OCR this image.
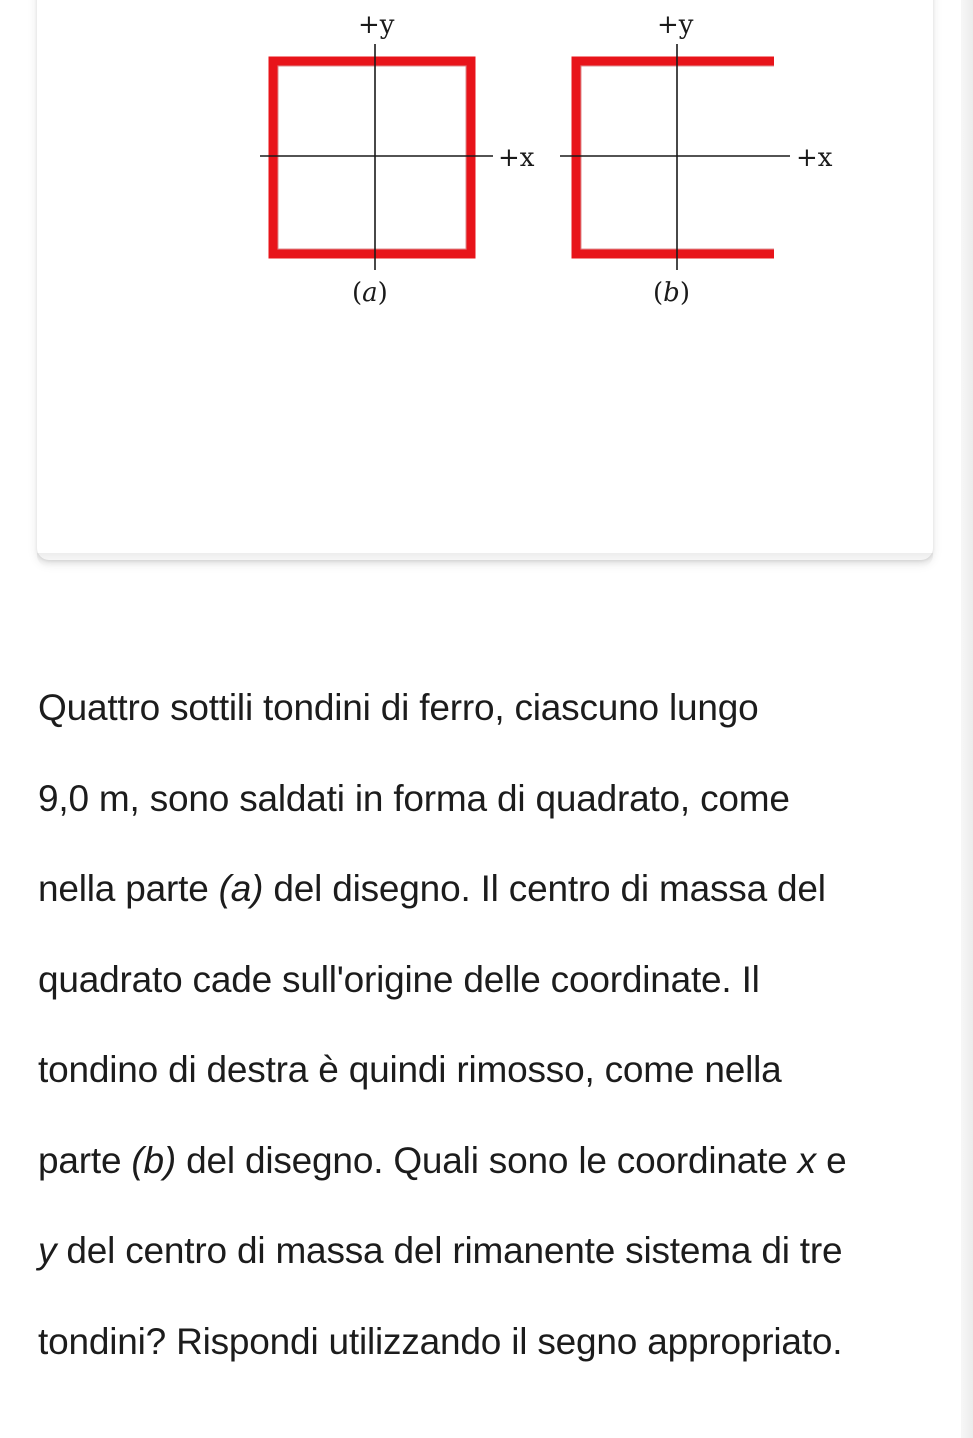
+y
+x
(a)
+y
+x
(b)

Quattro sottili tondini di ferro, ciascuno lungo
9,0 m, sono saldati in forma di quadrato, come
nella parte (a) del disegno. Il centro di massa del
quadrato cade sull'origine delle coordinate. Il
tondino di destra è quindi rimosso, come nella
parte (b) del disegno. Quali sono le coordinate x e
y del centro di massa del rimanente sistema di tre
tondini? Rispondi utilizzando il segno appropriato.
